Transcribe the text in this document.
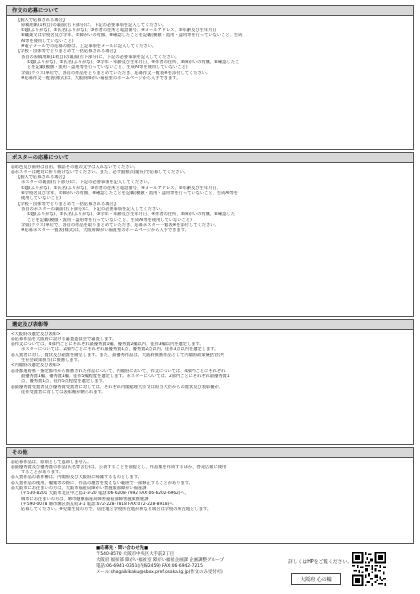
作文の応募について
【個人で応募される場合】
原稿用紙(1枚目)の裏面(右下部分)に、下記の必要事項を記入してください。
①題(ふりがな)、②氏名(ふりがな)、③作者の住所と電話番号、④メールアドレス、⑤年齢及び生年月日
⑥職業又は学校名及び学年、⑦障がいの有無、⑧確認したことを記載(模倣・流用・盗用等を行っていないこと、生成
AI等を使用していないこと)
※電子メールでの応募の際は、上記事項をメールに記入してください。
【学校・団体等でとりまとめて一括応募される場合】
各自の原稿用紙(1枚目)の裏面(右下部分)に、下記の必要事項を記入してください。
①題(ふりがな)、②氏名(ふりがな)、③学年・年齢及び生年月日、④作者の住所、⑤障がいの有無、⑥確認したこ
とを記載(模倣・流用・盗用等を行っていないこと、生成AI等を使用していないこと)
学級(クラス)単位で、各自の作品をとりまとめていただき、応募作文一覧表※を添付してください。
※応募作文一覧表(様式)は、大阪府障がい福祉室のホームページから入手できます。
ポスターの応募について
◎彩色及び画材は自由。標語その他の文字は入れないでください。
◎ポスターは絶対に折り曲げないでください。また、必ず縦様式(縦長)で応募してください。
【個人で応募される場合】
ポスターの裏面(右下部分)に、下記の必要事項を記入してください。
①題(ふりがな)、②氏名(ふりがな)、③作者の住所と電話番号、④メールアドレス、⑤年齢及び生年月日、
⑥学校名及び学年、⑦障がいの有無、⑧確認したことを記載(模倣・流用・盗用等を行っていないこと、生成AI等を
使用していないこと)
【学校・団体等でとりまとめて一括応募される場合】
各自のポスターの裏面(右下部分)に、下記の必要事項を記入してください。
①題(ふりがな)、②氏名(ふりがな)、③学年・年齢及び生年月日、④作者の住所、⑤障がいの有無、⑥確認した
ことを記載(模倣・流用・盗用等を行っていないこと、生成AI等を使用していないこと)
学級(クラス)単位で、各自の作品を取りまとめていただき、応募ポスター一覧表※を添付してください。
※応募ポスター一覧表(様式)は、大阪府障がい福祉室のホームページから入手できます。
選定及び表彰等
<大阪府の選定及び表彰>
◎応募作品を大阪府に設ける審査委員会で審査します。
◎作文については、4部門ごとにそれぞれ最優秀賞1編、優秀賞2編以内、佳作3編以内を選定します。
ポスターについては、2部門ごとにそれぞれ最優秀賞1点、優秀賞2点以内、佳作3点以内を選定します。
◎入賞者に対し、賞状及び副賞を贈呈します。また、最優秀作品は、大阪府推薦作品として内閣府政策統括官(共
生社会政策担当)に推薦します。
<内閣府の選定及び表彰>
◎各都道府県・指定都市から推薦された作品について、内閣府において、作文については、4部門ごとにそれぞれ
最優秀賞1編、優秀賞1編、佳作5編程度を選定します。ポスターについては、2部門ごとにそれぞれ最優秀賞1
点、優秀賞1点、佳作5点程度を選定します。
◎最優秀賞受賞者及び優秀賞受賞者に対しては、それぞれ内閣総理大臣又は担当大臣からの賞状及び表彰楯が、
佳作受賞者に対しては表彰楯が贈られます。
その他
◎応募作品は、原則として返却しません。
◎最優秀賞及び優秀賞の作品(氏名等含む)は、公表することを前提とし、作品集を作成するほか、啓発広報に使用
することがあります。
◎入賞作品の著作権は、内閣府及び大阪府に帰属するものとします。
◎入賞作品の使用、編集等の際に、作品の趣旨を変えない範囲で一部修正することがあります。
◎大阪市にお住まいの方は、大阪市福祉局障がい者施策部障がい福祉課
(〒530-8201 大阪市北区中之島1-3-20 電話:06-6208-7992 FAX:06-6202-6962)へ、
堺市にお住まいの方は、堺市健康福祉局障害福祉部障害施策推進課
(〒590-0078 堺市堺区南瓦町3-1 電話:072-228-7818 FAX:072-228-8918)へ
応募してください。※児童生徒の方で、居住地と学校所在地が異なる場合は学校の所在地とします。
■応募先・問い合わせ先■
〒540-8570 大阪市中央区大手前2丁目
大阪府 福祉部 障がい福祉室 障がい福祉企画課 企画調整グループ
電話:06-6941-0351(内線2459) FAX:06-6942-7215
メール:shogaikikaku@sbox.pref.osaka.lg.jp(作文のみ受付可)
詳しくはHPをご覧ください。
大阪府 心の輪
